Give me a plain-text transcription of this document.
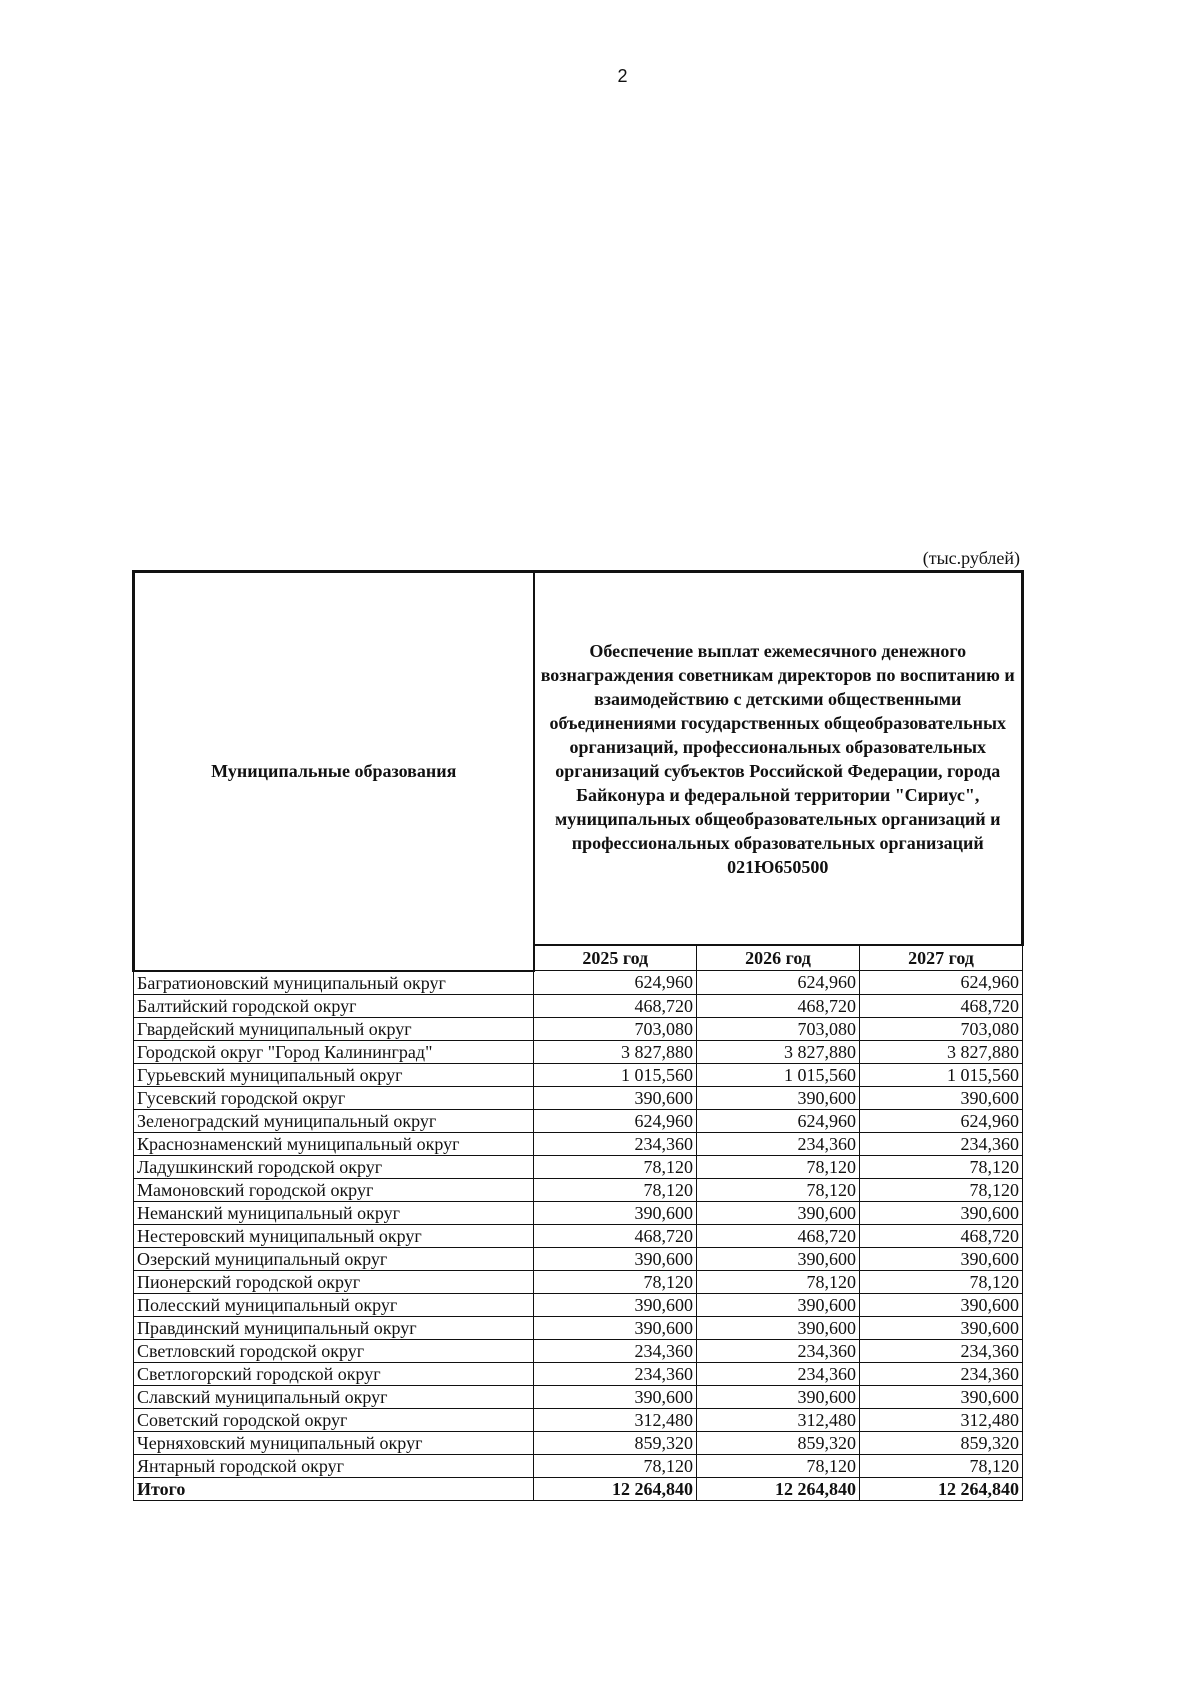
2
(тыс.рублей)
Муниципальные образования	Обеспечение выплат ежемесячного денежного вознаграждения советникам директоров по воспитанию и взаимодействию с детскими общественными объединениями государственных общеобразовательных организаций, профессиональных образовательных организаций субъектов Российской Федерации, города Байконура и федеральной территории "Сириус", муниципальных общеобразовательных организаций и профессиональных образовательных организаций 021Ю650500		
	2025 год	2026 год	2027 год
Багратионовский муниципальный округ	624,960	624,960	624,960
Балтийский городской округ	468,720	468,720	468,720
Гвардейский муниципальный округ	703,080	703,080	703,080
Городской округ "Город Калининград"	3 827,880	3 827,880	3 827,880
Гурьевский муниципальный округ	1 015,560	1 015,560	1 015,560
Гусевский городской округ	390,600	390,600	390,600
Зеленоградский муниципальный округ	624,960	624,960	624,960
Краснознаменский муниципальный округ	234,360	234,360	234,360
Ладушкинский городской округ	78,120	78,120	78,120
Мамоновский городской округ	78,120	78,120	78,120
Неманский муниципальный округ	390,600	390,600	390,600
Нестеровский муниципальный округ	468,720	468,720	468,720
Озерский муниципальный округ	390,600	390,600	390,600
Пионерский городской округ	78,120	78,120	78,120
Полесский муниципальный округ	390,600	390,600	390,600
Правдинский муниципальный округ	390,600	390,600	390,600
Светловский городской округ	234,360	234,360	234,360
Светлогорский городской округ	234,360	234,360	234,360
Славский муниципальный округ	390,600	390,600	390,600
Советский городской округ	312,480	312,480	312,480
Черняховский муниципальный округ	859,320	859,320	859,320
Янтарный городской округ	78,120	78,120	78,120
Итого	12 264,840	12 264,840	12 264,840
